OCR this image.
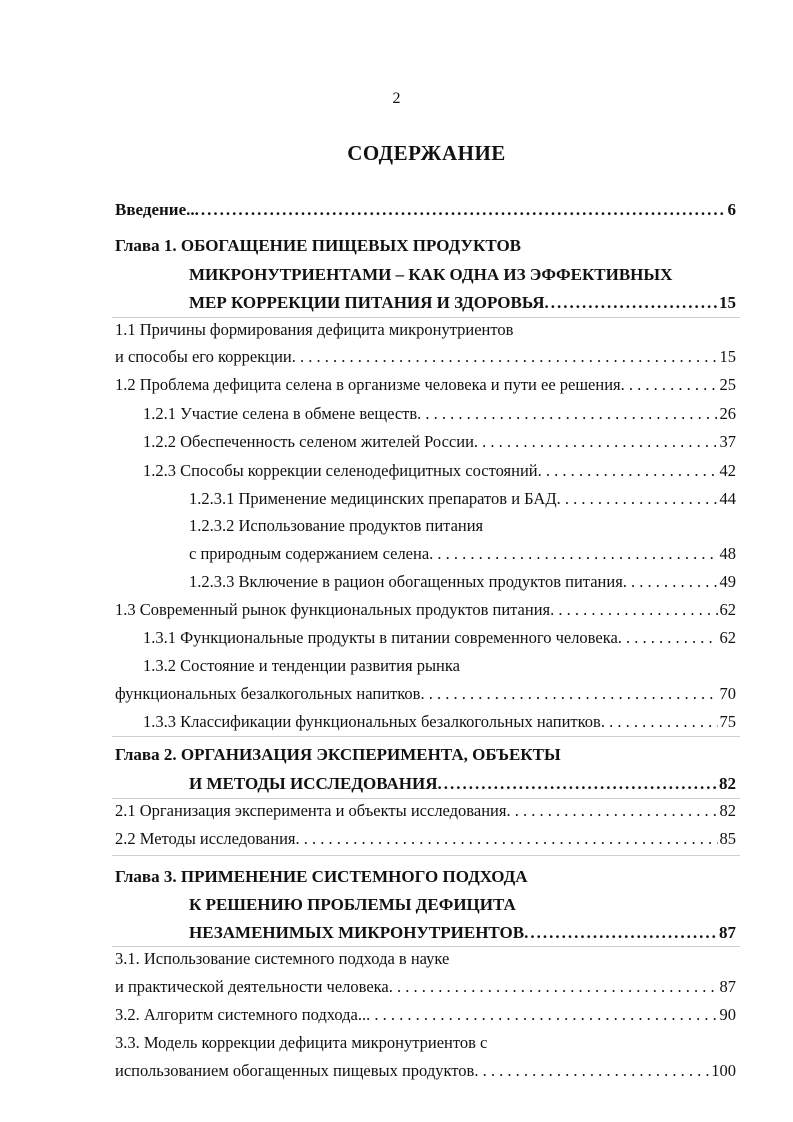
2
СОДЕРЖАНИЕ
Введение.. .....	6
Глава 1. ОБОГАЩЕНИЕ ПИЩЕВЫХ ПРОДУКТОВ
МИКРОНУТРИЕНТАМИ – КАК ОДНА ИЗ ЭФФЕКТИВНЫХ
МЕР КОРРЕКЦИИ ПИТАНИЯ И ЗДОРОВЬЯ .....	15
1.1 Причины формирования дефицита микронутриентов
и способы его коррекции . . .	15
1.2 Проблема дефицита селена в организме человека и пути ее решения . . .	25
1.2.1 Участие селена в обмене веществ . . .	26
1.2.2 Обеспеченность селеном жителей России . . .	37
1.2.3 Способы коррекции селенодефицитных состояний . . .	42
1.2.3.1 Применение медицинских препаратов и БАД . . .	44
1.2.3.2 Использование продуктов питания
с природным содержанием селена . . .	48
1.2.3.3 Включение в рацион обогащенных продуктов питания . . .	49
1.3 Современный рынок функциональных продуктов питания . . .	62
1.3.1 Функциональные продукты в питании современного человека . . .	62
1.3.2 Состояние и тенденции развития рынка
функциональных безалкогольных напитков . . .	70
1.3.3 Классификации функциональных безалкогольных напитков . . .	75
Глава 2. ОРГАНИЗАЦИЯ ЭКСПЕРИМЕНТА, ОБЪЕКТЫ
И МЕТОДЫ ИССЛЕДОВАНИЯ .....	82
2.1 Организация эксперимента и объекты исследования . . .	82
2.2 Методы исследования . . .	85
Глава 3. ПРИМЕНЕНИЕ СИСТЕМНОГО ПОДХОДА
К РЕШЕНИЮ ПРОБЛЕМЫ ДЕФИЦИТА
НЕЗАМЕНИМЫХ МИКРОНУТРИЕНТОВ .....	87
3.1. Использование системного подхода в науке
и практической деятельности человека . . .	87
3.2. Алгоритм системного подхода.. . . .	90
3.3. Модель коррекции дефицита микронутриентов с
использованием обогащенных пищевых продуктов . . .	100
